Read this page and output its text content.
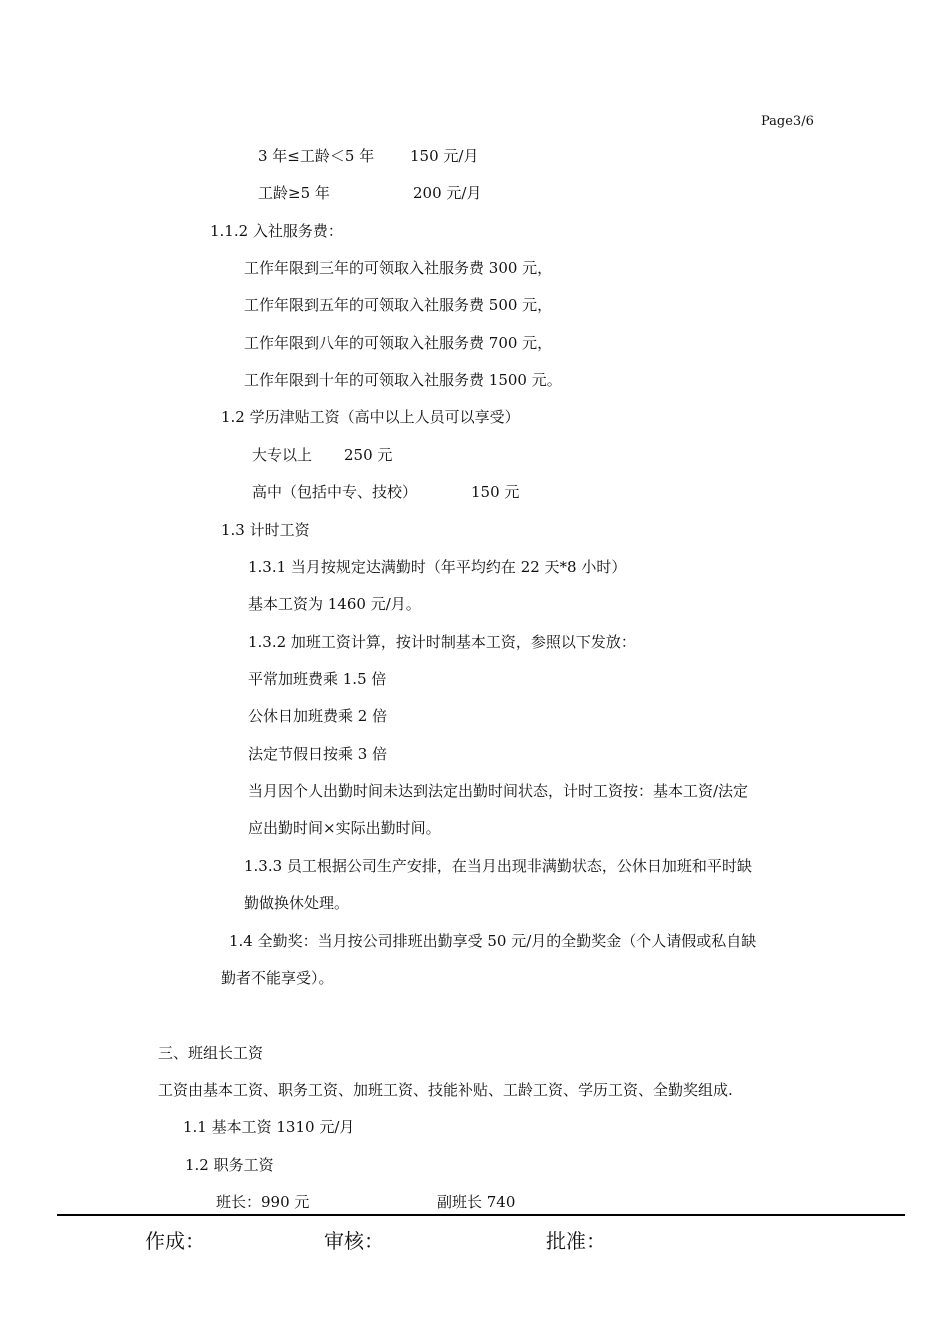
Page3/6
3 年≤工龄＜5 年 150 元/月
工龄≥5 年	200 元/月
1.1.2 入社服务费：
工作年限到三年的可领取入社服务费 300 元，
工作年限到五年的可领取入社服务费 500 元，
工作年限到八年的可领取入社服务费 700 元，
工作年限到十年的可领取入社服务费 1500 元。
1.2 学历津贴工资（高中以上人员可以享受）
大专以上 250 元
高中（包括中专、技校）	150 元
1.3 计时工资
1.3.1 当月按规定达满勤时（年平均约在 22 天*8 小时）
基本工资为 1460 元/月。
1.3.2 加班工资计算，按计时制基本工资，参照以下发放：
平常加班费乘 1.5 倍
公休日加班费乘 2 倍
法定节假日按乘 3 倍
当月因个人出勤时间未达到法定出勤时间状态，计时工资按：基本工资/法定
应出勤时间×实际出勤时间。
1.3.3 员工根据公司生产安排，在当月出现非满勤状态，公休日加班和平时缺
勤做换休处理。
1.4 全勤奖：当月按公司排班出勤享受 50 元/月的全勤奖金（个人请假或私自缺
勤者不能享受）。
三、班组长工资
工资由基本工资、职务工资、加班工资、技能补贴、工龄工资、学历工资、全勤奖组成.
1.1 基本工资 1310 元/月
1.2 职务工资
班长：990 元	副班长 740
作成：	审核：	批准：
